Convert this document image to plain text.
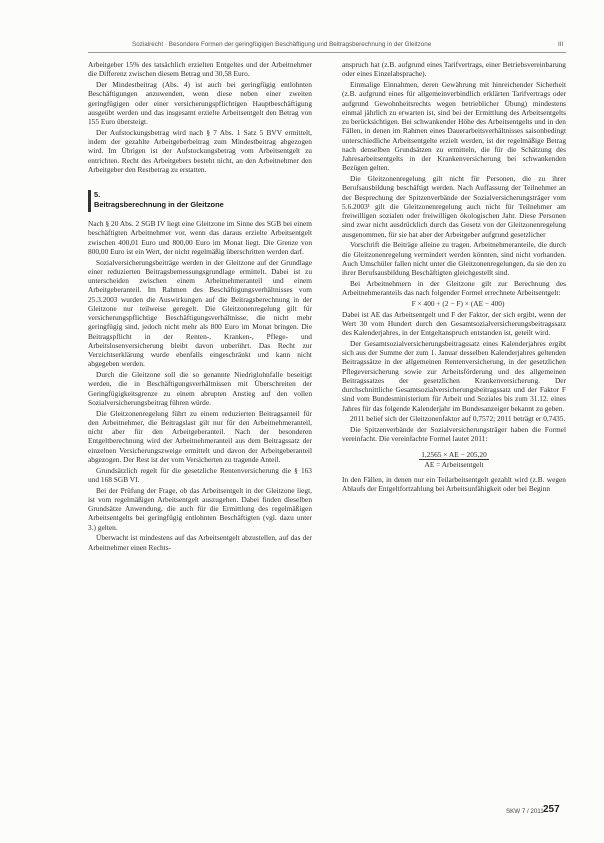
Sozialrecht · Besondere Formen der geringfügigen Beschäftigung und Beitragsberechnung in der Gleitzone	III

Arbeitgeber 15% des tatsächlich erzielten Entgeltes und der Arbeitnehmer die Differenz zwischen diesem Betrag und 30,58 Euro.

Der Mindestbeitrag (Abs. 4) ist auch bei geringfügig entlohnten Beschäftigungen anzuwenden, wenn diese neben einer zweiten geringfügigen oder einer versicherungspflichtigen Hauptbeschäftigung ausgeübt werden und das insgesamt erzielte Arbeitsentgelt den Betrag von 155 Euro übersteigt.

Der Aufstockungsbetrag wird nach § 7 Abs. 1 Satz 5 BVV ermittelt, indem der gezahlte Arbeitgeberbeitrag zum Mindestbeitrag abgezogen wird. Im Übrigen ist der Aufstockungsbetrag vom Arbeitsentgelt zu entrichten. Recht des Arbeitgebers besteht nicht, an den Arbeitnehmer den Arbeitgeber den Restbetrag zu erstatten.

5.
Beitragsberechnung in der Gleitzone

Nach § 20 Abs. 2 SGB IV liegt eine Gleitzone im Sinne des SGB bei einem beschäftigten Arbeitnehmer vor, wenn das daraus erzielte Arbeitsentgelt zwischen 400,01 Euro und 800,00 Euro im Monat liegt. Die Grenze von 800,00 Euro ist ein Wert, der nicht regelmäßig überschritten werden darf.

Sozialversicherungsbeiträge werden in der Gleitzone auf der Grundlage einer reduzierten Beitragsbemessungsgrundlage ermittelt. Dabei ist zu unterscheiden zwischen einem Arbeitnehmeranteil und einem Arbeitgeberanteil. Im Rahmen des Beschäftigungsverhältnisses vom 25.3.2003 wurden die Auswirkungen auf die Beitragsberechnung in der Gleitzone nur teilweise geregelt. Die Gleitzonenregelung gilt für versicherungspflichtige Beschäftigungsverhältnisse, die nicht mehr geringfügig sind, jedoch nicht mehr als 800 Euro im Monat bringen. Die Beitragspflicht in der Renten-, Kranken-, Pflege- und Arbeitslosenversicherung bleibt davon unberührt. Das Recht zur Verzichtserklärung wurde ebenfalls eingeschränkt und kann nicht abgegeben werden.

Durch die Gleitzone soll die so genannte Niedriglohnfalle beseitigt werden, die in Beschäftigungsverhältnissen mit Überschreiten der Geringfügigkeitsgrenze zu einem abrupten Anstieg auf den vollen Sozialversicherungsbeitrag führen würde.

Die Gleitzonenregelung führt zu einem reduzierten Beitragsanteil für den Arbeitnehmer, die Beitragslast gilt nur für den Arbeitnehmeranteil, nicht aber für den Arbeitgeberanteil. Nach der besonderen Entgeltberechnung wird der Arbeitnehmeranteil aus dem Beitragssatz der einzelnen Versicherungszweige ermittelt und davon der Arbeitgeberanteil abgezogen. Der Rest ist der vom Versicherten zu tragende Anteil.

Grundsätzlich regelt für die gesetzliche Rentenversicherung die § 163 und 168 SGB VI.

Bei der Prüfung der Frage, ob das Arbeitsentgelt in der Gleitzone liegt, ist vom regelmäßigen Arbeitsentgelt auszugehen. Dabei finden dieselben Grundsätze Anwendung, die auch für die Ermittlung des regelmäßigen Arbeitsentgelts bei geringfügig entlohnten Beschäftigten (vgl. dazu unter 3.) gelten.

Überwacht ist mindestens auf das Arbeitsentgelt abzustellen, auf das der Arbeitnehmer einen Rechts-

anspruch hat (z.B. aufgrund eines Tarifvertrags, einer Betriebsvereinbarung oder eines Einzelabsprache).

Einmalige Einnahmen, deren Gewährung mit hinreichender Sicherheit (z.B. aufgrund eines für allgemeinverbindlich erklärten Tarifvertrags oder aufgrund Gewohnheitsrechts wegen betrieblicher Übung) mindestens einmal jährlich zu erwarten ist, sind bei der Ermittlung des Arbeitsentgelts zu berücksichtigen. Bei schwankender Höhe des Arbeitsentgelts und in den Fällen, in denen im Rahmen eines Dauerarbeitsverhältnisses saisonbedingt unterschiedliche Arbeitsentgelte erzielt werden, ist der regelmäßige Betrag nach denselben Grundsätzen zu ermitteln, die für die Schätzung des Jahresarbeitsentgelts in der Krankenversicherung bei schwankenden Bezügen gelten.

Die Gleitzonenregelung gilt nicht für Personen, die zu ihrer Berufsausbildung beschäftigt werden. Nach Auffassung der Teilnehmer an der Besprechung der Spitzenverbände der Sozialversicherungsträger vom 5.6.2003¹ gilt die Gleitzonenregelung auch nicht für Teilnehmer am freiwilligen sozialen oder freiwilligen ökologischen Jahr. Diese Personen sind zwar nicht ausdrücklich durch das Gesetz von der Gleitzonenregelung ausgenommen, für sie hat aber der Arbeitgeber aufgrund gesetzlicher

Vorschrift die Beiträge alleine zu tragen. Arbeitnehmeranteile, die durch die Gleitzonenregelung vermindert werden könnten, sind nicht vorhanden. Auch Umschüler fallen nicht unter die Gleitzonenregelungen, da sie den zu ihrer Berufsausbildung Beschäftigten gleichgestellt sind.

Bei Arbeitnehmern in der Gleitzone gilt zur Berechnung des Arbeitnehmeranteils das nach folgender Formel errechnete Arbeitsentgelt:

F × 400 + (2 − F) × (AE − 400)

Dabei ist AE das Arbeitsentgelt und F der Faktor, der sich ergibt, wenn der Wert 30 vom Hundert durch den Gesamtsozialversicherungsbeitragssatz des Kalenderjahres, in der Entgeltanspruch entstanden ist, geteilt wird.

Der Gesamtsozialversicherungsbeitragssatz eines Kalenderjahres ergibt sich aus der Summe der zum 1. Januar desselben Kalenderjahres geltenden Beitragssätze in der allgemeinen Rentenversicherung, in der gesetzlichen Pflegeversicherung sowie zur Arbeitsförderung und des allgemeinen Beitragssatzes der gesetzlichen Krankenversicherung. Der durchschnittliche Gesamtsozialversicherungsbeitragssatz und der Faktor F sind vom Bundesministerium für Arbeit und Soziales bis zum 31.12. eines Jahres für das folgende Kalenderjahr im Bundesanzeiger bekannt zu geben.

2011 belief sich der Gleitzonenfaktor auf 0,7572; 2011 beträgt er 0,7435.

Die Spitzenverbände der Sozialversicherungsträger haben die Formel vereinfacht. Die vereinfachte Formel lautet 2011:

1,2565 × AE − 205,20
AE = Arbeitsentgelt

In den Fällen, in denen nur ein Teilarbeitsentgelt gezahlt wird (z.B. wegen Ablaufs der Entgeltfortzahlung bei Arbeitsunfähigkeit oder bei Beginn

SKW 7 / 2011 257
